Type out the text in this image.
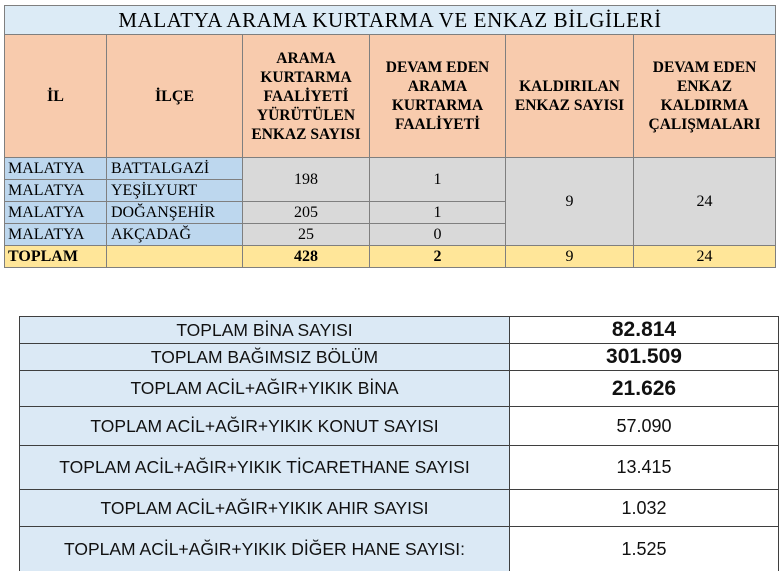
MALATYA ARAMA KURTARMA VE ENKAZ BİLGİLERİ					
İL	İLÇE	ARAMA KURTARMA FAALİYETİ YÜRÜTÜLEN ENKAZ SAYISI	DEVAM EDEN ARAMA KURTARMA FAALİYETİ	KALDIRILAN ENKAZ SAYISI	DEVAM EDEN ENKAZ KALDIRMA ÇALIŞMALARI
MALATYA	BATTALGAZİ	198	1	9	24
MALATYA	YEŞİLYURT				
MALATYA	DOĞANŞEHİR	205	1		
MALATYA	AKÇADAĞ	25	0		
TOPLAM		428	2	9	24
TOPLAM BİNA SAYISI	82.814
TOPLAM BAĞIMSIZ BÖLÜM	301.509
TOPLAM ACİL+AĞIR+YIKIK BİNA	21.626
TOPLAM ACİL+AĞIR+YIKIK KONUT SAYISI	57.090
TOPLAM ACİL+AĞIR+YIKIK TİCARETHANE SAYISI	13.415
TOPLAM ACİL+AĞIR+YIKIK AHIR SAYISI	1.032
TOPLAM ACİL+AĞIR+YIKIK DİĞER HANE SAYISI:	1.525
